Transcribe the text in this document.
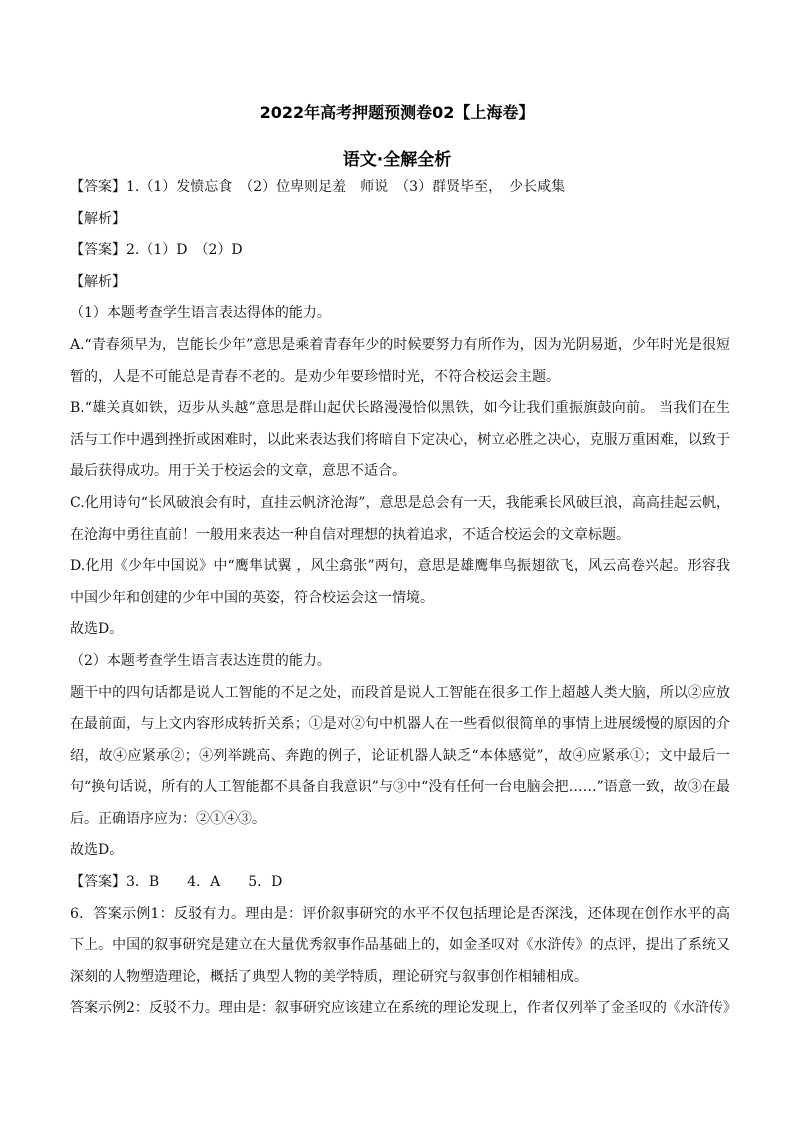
2022年高考押题预测卷02【上海卷】
语文·全解全析

【答案】1.（1）发愤忘食　（2）位卑则足羞　师说　（3）群贤毕至，　少长咸集

【解析】

【答案】2.（1）D　（2）D

【解析】

（1）本题考查学生语言表达得体的能力。

A.“青春须早为，岂能长少年”意思是乘着青春年少的时候要努力有所作为，因为光阴易逝，少年时光是很短暂的，人是不可能总是青春不老的。是劝少年要珍惜时光，不符合校运会主题。

B.“雄关真如铁，迈步从头越”意思是群山起伏长路漫漫恰似黑铁，如今让我们重振旗鼓向前。 当我们在生活与工作中遇到挫折或困难时，以此来表达我们将暗自下定决心，树立必胜之决心，克服万重困难，以致于最后获得成功。用于关于校运会的文章，意思不适合。

C.化用诗句“长风破浪会有时，直挂云帆济沧海”，意思是总会有一天，我能乘长风破巨浪，高高挂起云帆，在沧海中勇往直前！一般用来表达一种自信对理想的执着追求，不适合校运会的文章标题。

D.化用《少年中国说》中“鹰隼试翼 ，风尘翕张”两句，意思是雄鹰隼鸟振翅欲飞，风云高卷兴起。形容我中国少年和创建的少年中国的英姿，符合校运会这一情境。

故选D。

（2）本题考查学生语言表达连贯的能力。

题干中的四句话都是说人工智能的不足之处，而段首是说人工智能在很多工作上超越人类大脑，所以②应放在最前面，与上文内容形成转折关系；①是对②句中机器人在一些看似很简单的事情上进展缓慢的原因的介绍，故④应紧承②；④列举跳高、奔跑的例子，论证机器人缺乏“本体感觉”，故④应紧承①；文中最后一句“换句话说，所有的人工智能都不具备自我意识”与③中“没有任何一台电脑会把……”语意一致，故③在最后。正确语序应为：②①④③。

故选D。

【答案】3．B　　4．A　　5．D

6．答案示例1：反驳有力。理由是：评价叙事研究的水平不仅包括理论是否深浅，还体现在创作水平的高下上。中国的叙事研究是建立在大量优秀叙事作品基础上的，如金圣叹对《水浒传》的点评，提出了系统又深刻的人物塑造理论，概括了典型人物的美学特质，理论研究与叙事创作相辅相成。

答案示例2：反驳不力。理由是：叙事研究应该建立在系统的理论发现上，作者仅列举了金圣叹的《水浒传》
